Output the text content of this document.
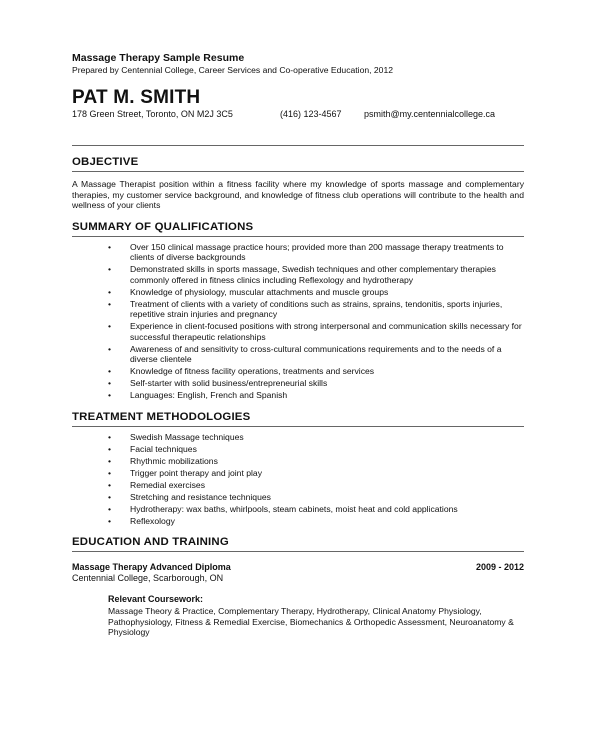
Massage Therapy Sample Resume

Prepared by Centennial College, Career Services and Co-operative Education, 2012

PAT M. SMITH

178 Green Street, Toronto, ON M2J 3C5	(416) 123-4567 psmith@my.centennialcollege.ca

OBJECTIVE

A Massage Therapist position within a fitness facility where my knowledge of sports massage and complementary therapies, my customer service background, and knowledge of fitness club operations will contribute to the health and wellness of your clients

SUMMARY OF QUALIFICATIONS

• Over 150 clinical massage practice hours; provided more than 200 massage therapy treatments to clients of diverse backgrounds
• Demonstrated skills in sports massage, Swedish techniques and other complementary therapies commonly offered in fitness clinics including Reflexology and hydrotherapy
• Knowledge of physiology, muscular attachments and muscle groups
• Treatment of clients with a variety of conditions such as strains, sprains, tendonitis, sports injuries, repetitive strain injuries and pregnancy
• Experience in client-focused positions with strong interpersonal and communication skills necessary for successful therapeutic relationships
• Awareness of and sensitivity to cross-cultural communications requirements and to the needs of a diverse clientele
• Knowledge of fitness facility operations, treatments and services
• Self-starter with solid business/entrepreneurial skills
• Languages: English, French and Spanish

TREATMENT METHODOLOGIES

• Swedish Massage techniques
• Facial techniques
• Rhythmic mobilizations
• Trigger point therapy and joint play
• Remedial exercises
• Stretching and resistance techniques
• Hydrotherapy: wax baths, whirlpools, steam cabinets, moist heat and cold applications
• Reflexology

EDUCATION AND TRAINING

Massage Therapy Advanced Diploma	2009 - 2012
Centennial College, Scarborough, ON
Relevant Coursework:
Massage Theory & Practice, Complementary Therapy, Hydrotherapy, Clinical Anatomy Physiology, Pathophysiology, Fitness & Remedial Exercise, Biomechanics & Orthopedic Assessment, Neuroanatomy & Physiology
